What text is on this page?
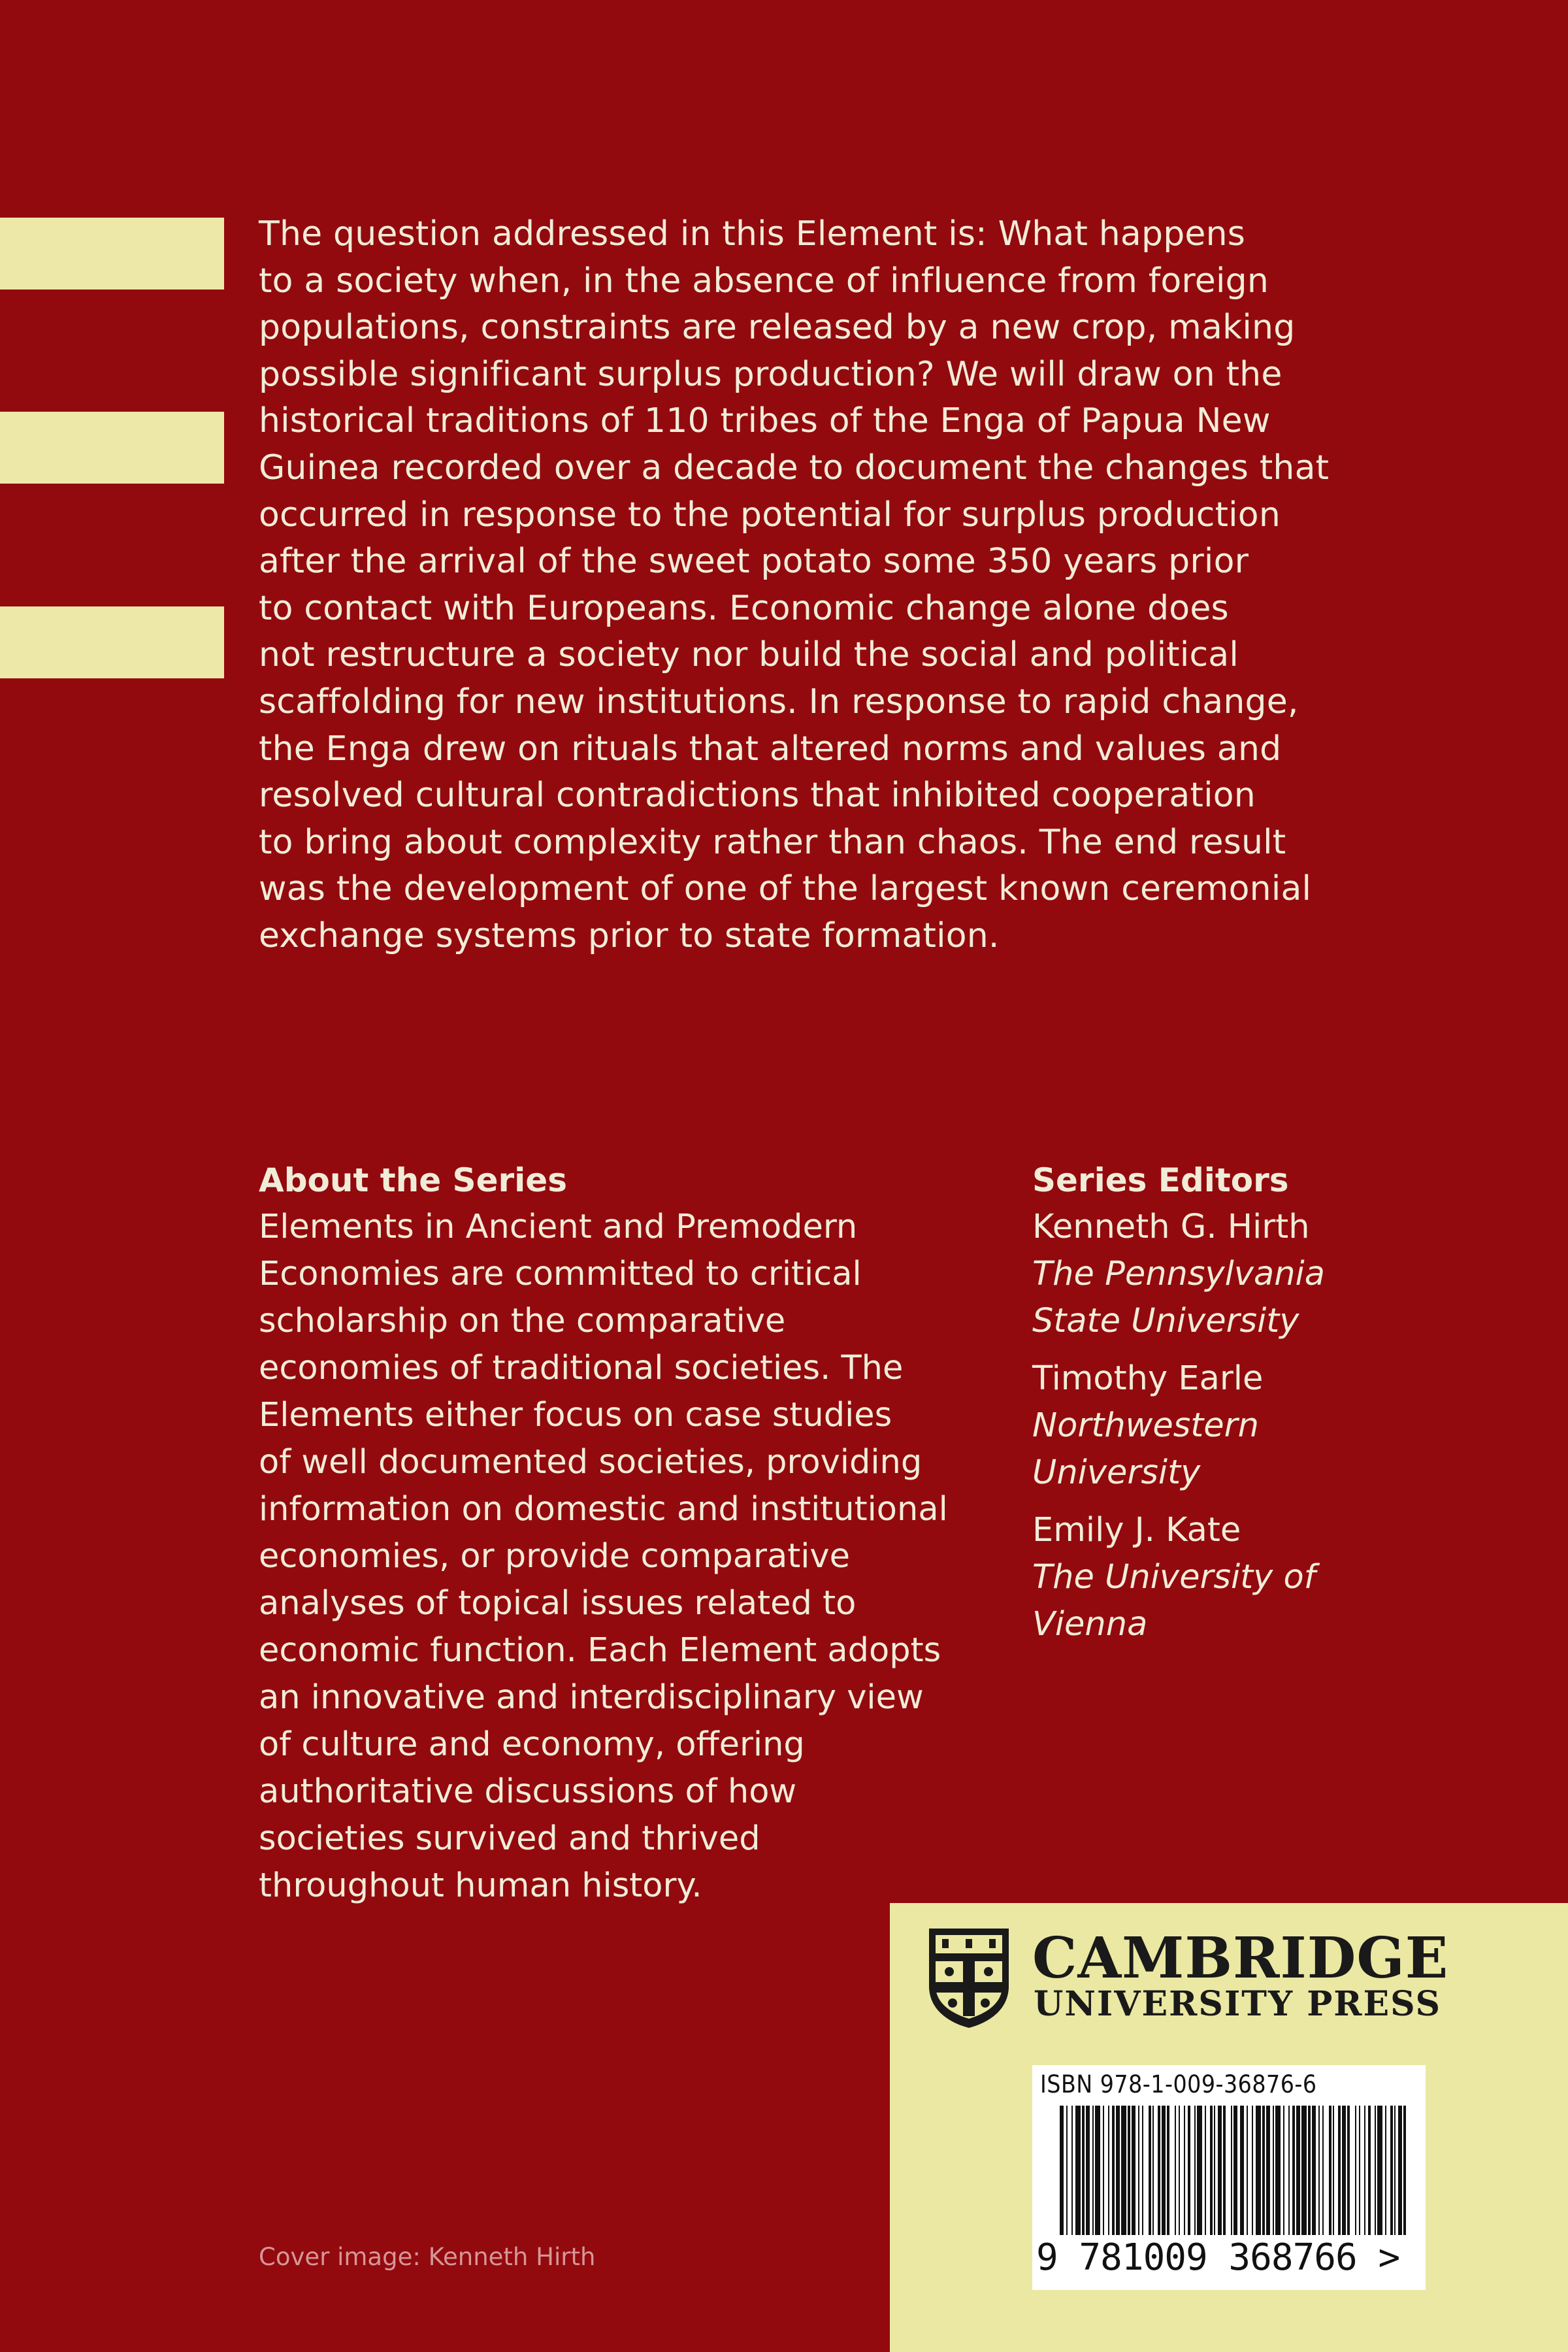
The question addressed in this Element is: What happens
to a society when, in the absence of influence from foreign
populations, constraints are released by a new crop, making
possible significant surplus production? We will draw on the
historical traditions of 110 tribes of the Enga of Papua New
Guinea recorded over a decade to document the changes that
occurred in response to the potential for surplus production
after the arrival of the sweet potato some 350 years prior
to contact with Europeans. Economic change alone does
not restructure a society nor build the social and political
scaffolding for new institutions. In response to rapid change,
the Enga drew on rituals that altered norms and values and
resolved cultural contradictions that inhibited cooperation
to bring about complexity rather than chaos. The end result
was the development of one of the largest known ceremonial
exchange systems prior to state formation.
About the Series
Elements in Ancient and Premodern
Economies are committed to critical
scholarship on the comparative
economies of traditional societies. The
Elements either focus on case studies
of well documented societies, providing
information on domestic and institutional
economies, or provide comparative
analyses of topical issues related to
economic function. Each Element adopts
an innovative and interdisciplinary view
of culture and economy, offering
authoritative discussions of how
societies survived and thrived
throughout human history.
Series Editors
Kenneth G. Hirth
The Pennsylvania
State University
Timothy Earle
Northwestern
University
Emily J. Kate
The University of
Vienna
Cover image: Kenneth Hirth
CAMBRIDGE
UNIVERSITY PRESS
ISBN 978-1-009-36876-6
9 781009 368766 >
